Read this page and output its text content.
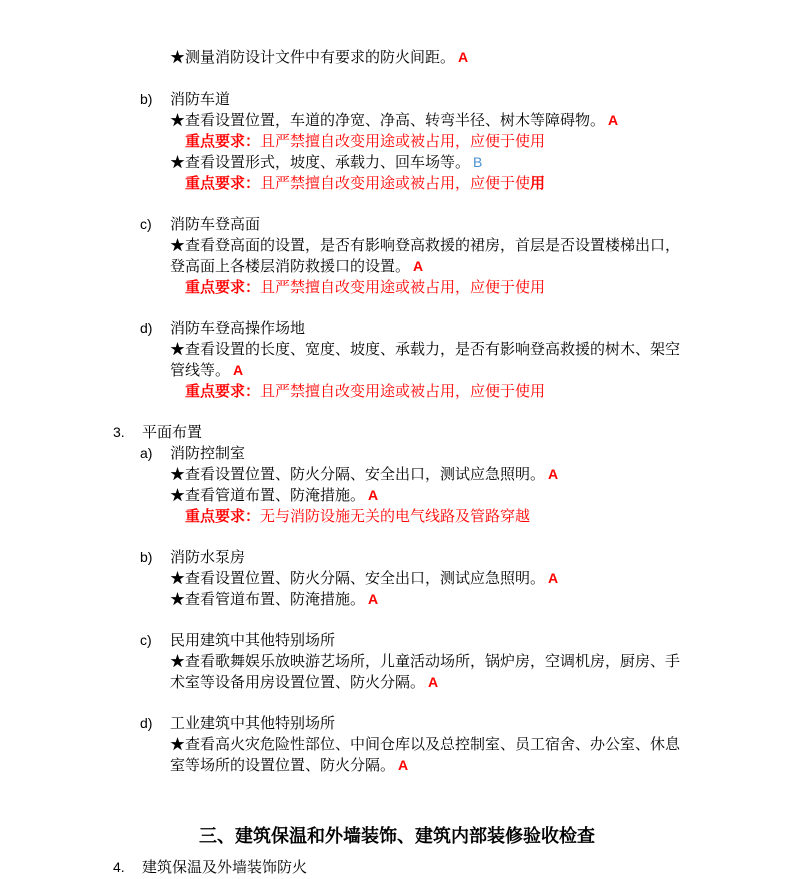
★测量消防设计文件中有要求的防火间距。 A
b) 消防车道
★查看设置位置，车道的净宽、净高、转弯半径、树木等障碍物。 A
重点要求：且严禁擅自改变用途或被占用，应便于使用
★查看设置形式，坡度、承载力、回车场等。 B
重点要求：且严禁擅自改变用途或被占用，应便于使用
c) 消防车登高面
★查看登高面的设置，是否有影响登高救援的裙房，首层是否设置楼梯出口，
登高面上各楼层消防救援口的设置。 A
重点要求：且严禁擅自改变用途或被占用，应便于使用
d) 消防车登高操作场地
★查看设置的长度、宽度、坡度、承载力，是否有影响登高救援的树木、架空
管线等。 A
重点要求：且严禁擅自改变用途或被占用，应便于使用
3. 平面布置
a) 消防控制室
★查看设置位置、防火分隔、安全出口，测试应急照明。 A
★查看管道布置、防淹措施。 A
重点要求：无与消防设施无关的电气线路及管路穿越
b) 消防水泵房
★查看设置位置、防火分隔、安全出口，测试应急照明。 A
★查看管道布置、防淹措施。 A
c) 民用建筑中其他特别场所
★查看歌舞娱乐放映游艺场所，儿童活动场所，锅炉房，空调机房，厨房、手
术室等设备用房设置位置、防火分隔。 A
d) 工业建筑中其他特别场所
★查看高火灾危险性部位、中间仓库以及总控制室、员工宿舍、办公室、休息
室等场所的设置位置、防火分隔。 A
三、建筑保温和外墙装饰、建筑内部装修验收检查
4. 建筑保温及外墙装饰防火
